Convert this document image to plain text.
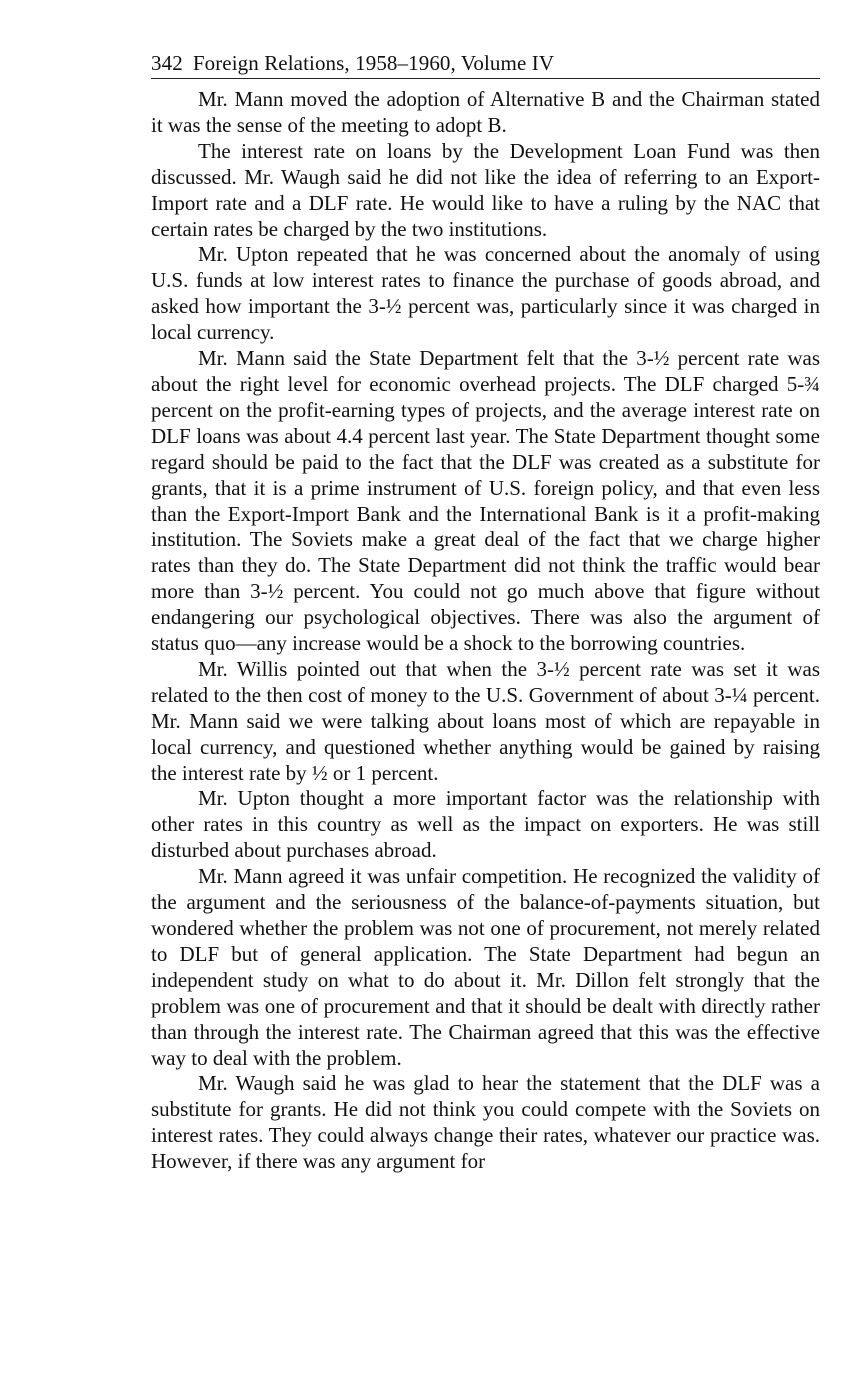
342 Foreign Relations, 1958–1960, Volume IV

Mr. Mann moved the adoption of Alternative B and the Chairman stated it was the sense of the meeting to adopt B.

The interest rate on loans by the Development Loan Fund was then discussed. Mr. Waugh said he did not like the idea of referring to an Export-Import rate and a DLF rate. He would like to have a ruling by the NAC that certain rates be charged by the two institutions.

Mr. Upton repeated that he was concerned about the anomaly of using U.S. funds at low interest rates to finance the purchase of goods abroad, and asked how important the 3-½ percent was, particularly since it was charged in local currency.

Mr. Mann said the State Department felt that the 3-½ percent rate was about the right level for economic overhead projects. The DLF charged 5-¾ percent on the profit-earning types of projects, and the average interest rate on DLF loans was about 4.4 percent last year. The State Department thought some regard should be paid to the fact that the DLF was created as a substitute for grants, that it is a prime instrument of U.S. foreign policy, and that even less than the Export-Import Bank and the International Bank is it a profit-making institution. The Soviets make a great deal of the fact that we charge higher rates than they do. The State Department did not think the traffic would bear more than 3-½ percent. You could not go much above that figure without endangering our psychological objectives. There was also the argument of status quo—any increase would be a shock to the borrowing countries.

Mr. Willis pointed out that when the 3-½ percent rate was set it was related to the then cost of money to the U.S. Government of about 3-¼ percent. Mr. Mann said we were talking about loans most of which are repayable in local currency, and questioned whether anything would be gained by raising the interest rate by ½ or 1 percent.

Mr. Upton thought a more important factor was the relationship with other rates in this country as well as the impact on exporters. He was still disturbed about purchases abroad.

Mr. Mann agreed it was unfair competition. He recognized the validity of the argument and the seriousness of the balance-of-payments situation, but wondered whether the problem was not one of procurement, not merely related to DLF but of general application. The State Department had begun an independent study on what to do about it. Mr. Dillon felt strongly that the problem was one of procurement and that it should be dealt with directly rather than through the interest rate. The Chairman agreed that this was the effective way to deal with the problem.

Mr. Waugh said he was glad to hear the statement that the DLF was a substitute for grants. He did not think you could compete with the Soviets on interest rates. They could always change their rates, whatever our practice was. However, if there was any argument for
